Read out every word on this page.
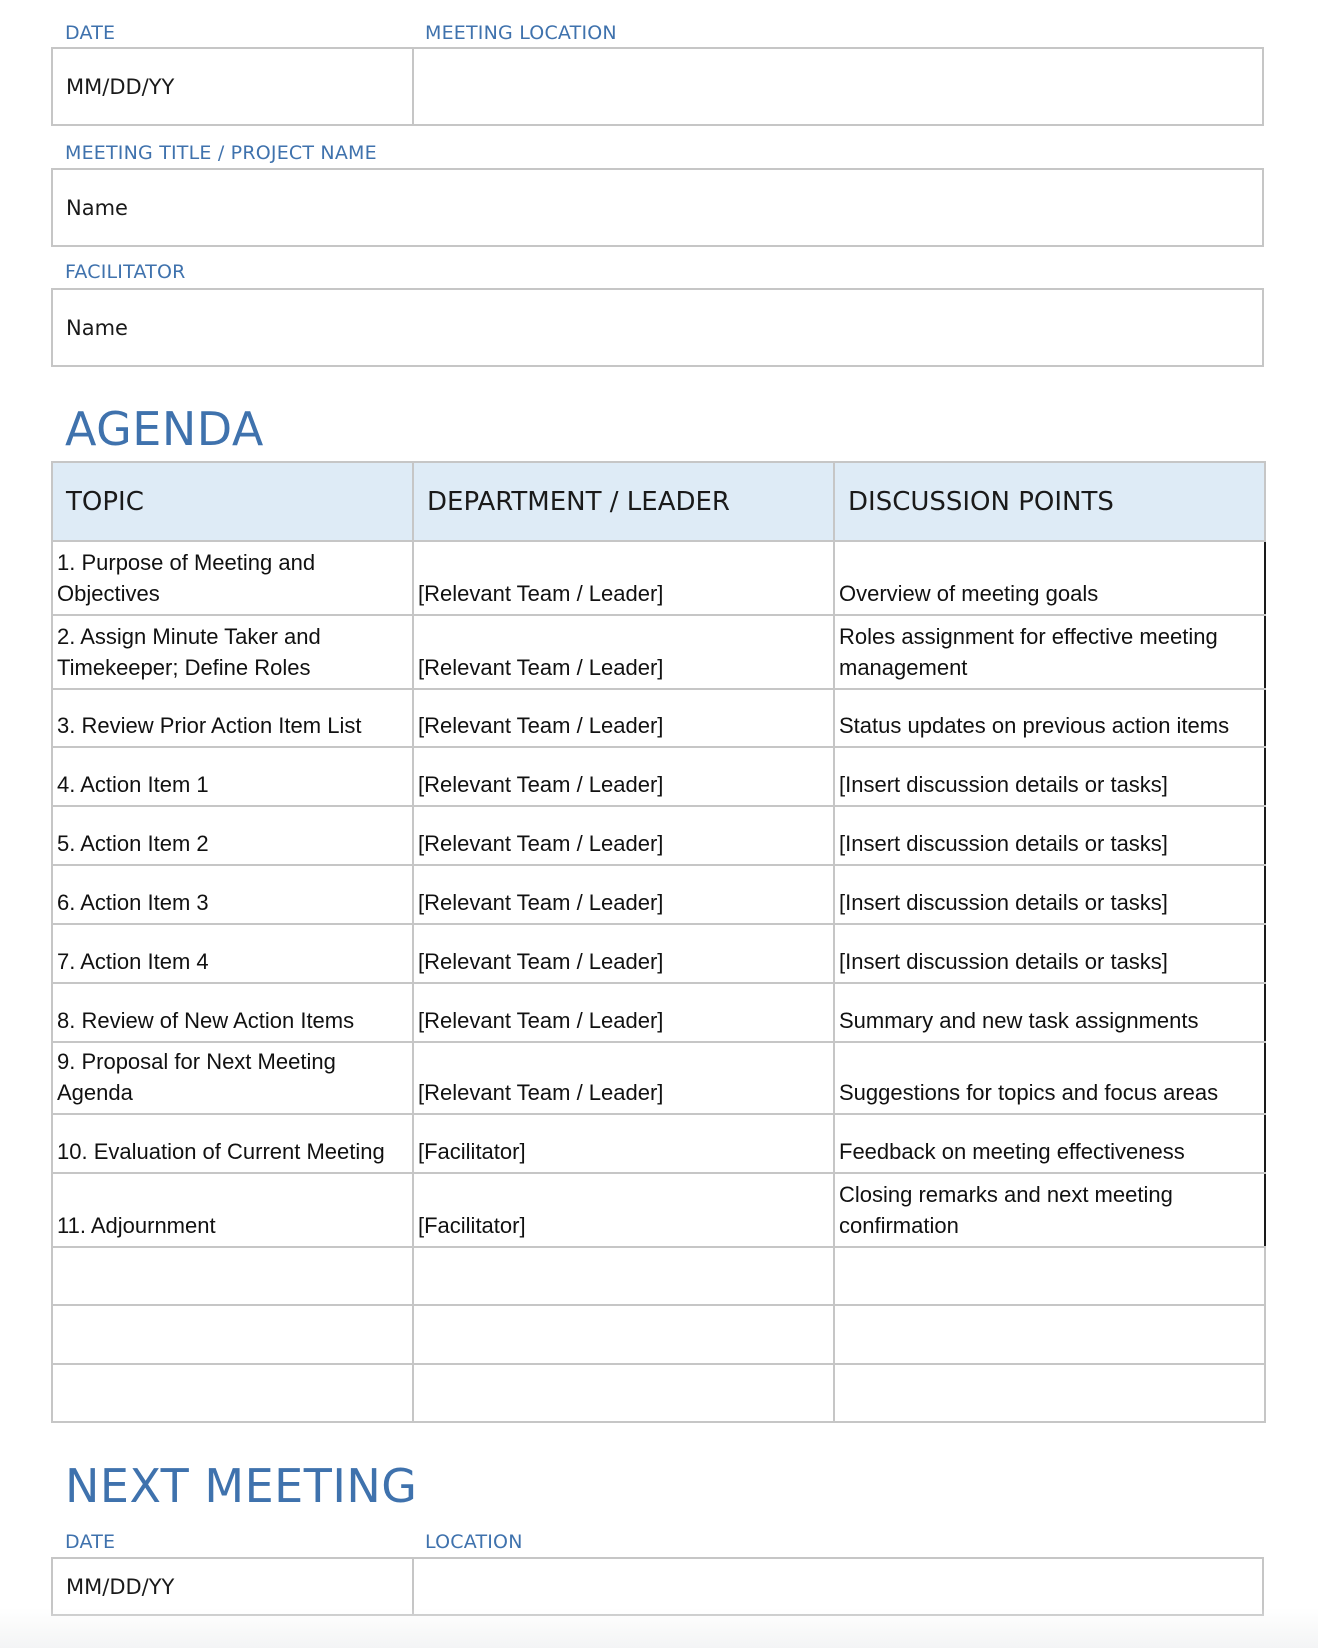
DATE	MEETING LOCATION
MM/DD/YY
MEETING TITLE / PROJECT NAME
Name
FACILITATOR
Name
AGENDA
TOPIC	DEPARTMENT / LEADER	DISCUSSION POINTS
1. Purpose of Meeting and Objectives	[Relevant Team / Leader]	Overview of meeting goals
2. Assign Minute Taker and Timekeeper; Define Roles	[Relevant Team / Leader]	Roles assignment for effective meeting management
3. Review Prior Action Item List	[Relevant Team / Leader]	Status updates on previous action items
4. Action Item 1	[Relevant Team / Leader]	[Insert discussion details or tasks]
5. Action Item 2	[Relevant Team / Leader]	[Insert discussion details or tasks]
6. Action Item 3	[Relevant Team / Leader]	[Insert discussion details or tasks]
7. Action Item 4	[Relevant Team / Leader]	[Insert discussion details or tasks]
8. Review of New Action Items	[Relevant Team / Leader]	Summary and new task assignments
9. Proposal for Next Meeting Agenda	[Relevant Team / Leader]	Suggestions for topics and focus areas
10. Evaluation of Current Meeting	[Facilitator]	Feedback on meeting effectiveness
11. Adjournment	[Facilitator]	Closing remarks and next meeting confirmation

NEXT MEETING
DATE	LOCATION
MM/DD/YY
